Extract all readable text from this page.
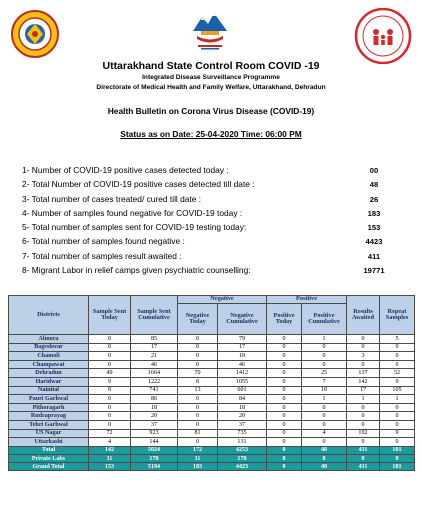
Uttarakhand State Control Room COVID -19
Integrated Disease Surveillance Programme
Directorate of Medical Health and Family Welfare, Uttarakhand, Dehradun
Health Bulletin on Corona Virus Disease (COVID-19)
Status as on Date: 25-04-2020 Time: 06:00 PM
1- Number of COVID-19 positive cases detected today :	00
2- Total Number of COVID-19 positive cases detected till date :	48
3- Total number of cases treated/ cured till date :	26
4- Number of samples found negative for COVID-19 today :	183
5- Total number of samples sent for COVID-19 testing today:	153
6- Total number of samples found negative :	4423
7- Total number of samples result awaited :	411
8- Migrant Labor in relief camps given psychiatric counselling:	19771
Districts	Sample Sent Today	Sample Sent Cumulative	Negative		Positive		Results Awaited	Repeat Samples
			Negative Today	Negative Cumulative	Positive Today	Positive Cumulative		
Almora	0	85	0	79	0	1	0	5
Bageshwar	0	17	0	17	0	0	0	0
Chamoli	0	21	0	18	0	0	3	0
Champawat	0	46	0	46	0	0	0	0
Dehradun	49	1664	70	1412	0	25	137	52
Haridwar	9	1222	8	1055	0	7	142	9
Nainital	8	741	13	601	0	10	17	105
Pauri Garhwal	0	86	0	84	0	1	1	1
Pithoragarh	0	18	0	18	0	0	0	0
Rudraprayag	0	20	0	20	0	0	0	0
Tehri Garhwal	0	37	0	37	0	0	0	0
US Nagar	72	923	81	735	0	4	102	9
Uttarkashi	4	144	0	131	0	0	9	0
Total	142	5024	172	4253	0	48	411	181
Private Labs	11	170	11	170	0	0	0	0
Grand Total	153	5194	183	4423	0	48	411	181
